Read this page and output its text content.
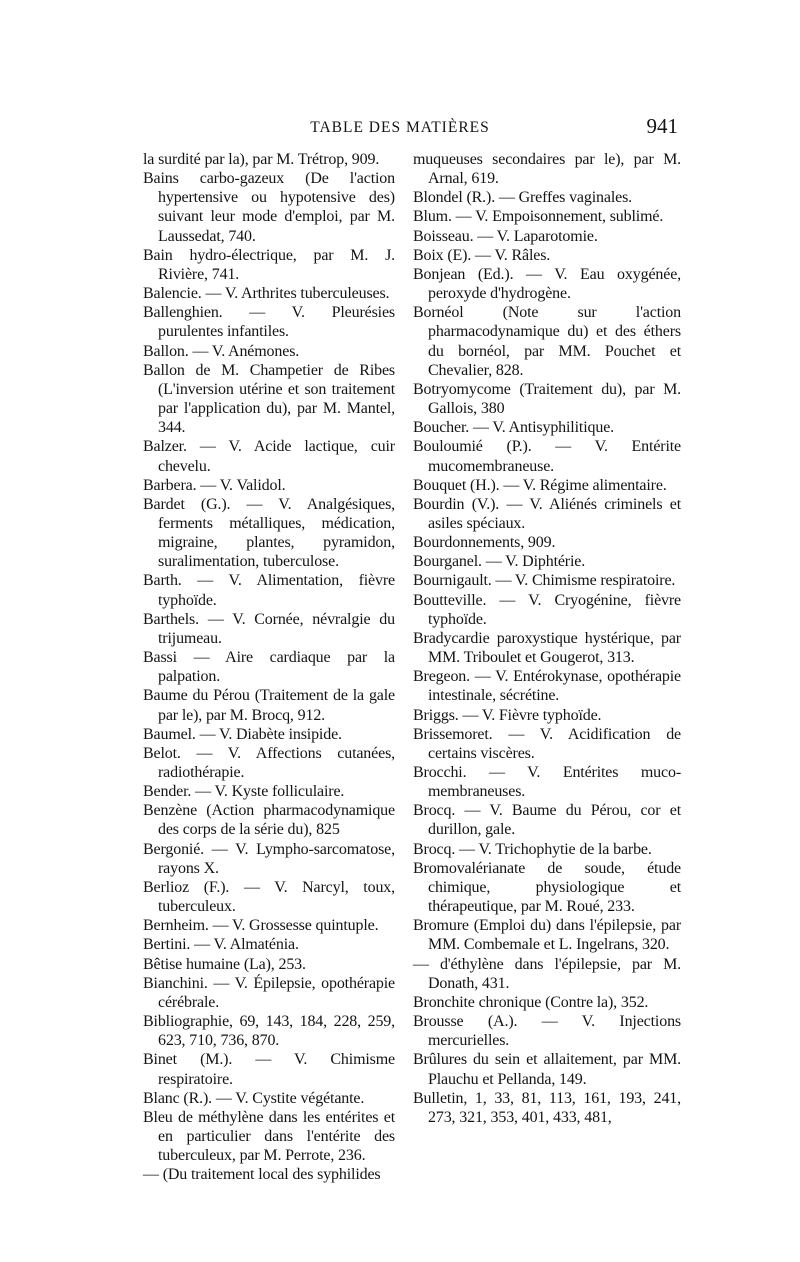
TABLE DES MATIÈRES	941

la surdité par la), par M. Trétrop, 909.

Bains carbo-gazeux (De l'action hypertensive ou hypotensive des) suivant leur mode d'emploi, par M. Laussedat, 740.

Bain hydro-électrique, par M. J. Rivière, 741.

Balencie. — V. Arthrites tuberculeuses.

Ballenghien. — V. Pleurésies purulentes infantiles.

Ballon. — V. Anémones.

Ballon de M. Champetier de Ribes (L'inversion utérine et son traitement par l'application du), par M. Mantel, 344.

Balzer. — V. Acide lactique, cuir chevelu.

Barbera. — V. Validol.

Bardet (G.). — V. Analgésiques, ferments métalliques, médication, migraine, plantes, pyramidon, suralimentation, tuberculose.

Barth. — V. Alimentation, fièvre typhoïde.

Barthels. — V. Cornée, névralgie du trijumeau.

Bassi — Aire cardiaque par la palpation.

Baume du Pérou (Traitement de la gale par le), par M. Brocq, 912.

Baumel. — V. Diabète insipide.

Belot. — V. Affections cutanées, radiothérapie.

Bender. — V. Kyste folliculaire.

Benzène (Action pharmacodynamique des corps de la série du), 825

Bergonié. — V. Lympho-sarcomatose, rayons X.

Berlioz (F.). — V. Narcyl, toux, tuberculeux.

Bernheim. — V. Grossesse quintuple.

Bertini. — V. Almaténia.

Bêtise humaine (La), 253.

Bianchini. — V. Épilepsie, opothérapie cérébrale.

Bibliographie, 69, 143, 184, 228, 259, 623, 710, 736, 870.

Binet (M.). — V. Chimisme respiratoire.

Blanc (R.). — V. Cystite végétante.

Bleu de méthylène dans les entérites et en particulier dans l'entérite des tuberculeux, par M. Perrote, 236.

— (Du traitement local des syphilides

muqueuses secondaires par le), par M. Arnal, 619.

Blondel (R.). — Greffes vaginales.

Blum. — V. Empoisonnement, sublimé.

Boisseau. — V. Laparotomie.

Boix (E). — V. Râles.

Bonjean (Ed.). — V. Eau oxygénée, peroxyde d'hydrogène.

Bornéol (Note sur l'action pharmacodynamique du) et des éthers du bornéol, par MM. Pouchet et Chevalier, 828.

Botryomycome (Traitement du), par M. Gallois, 380

Boucher. — V. Antisyphilitique.

Bouloumié (P.). — V. Entérite mucomembraneuse.

Bouquet (H.). — V. Régime alimentaire.

Bourdin (V.). — V. Aliénés criminels et asiles spéciaux.

Bourdonnements, 909.

Bourganel. — V. Diphtérie.

Bournigault. — V. Chimisme respiratoire.

Boutteville. — V. Cryogénine, fièvre typhoïde.

Bradycardie paroxystique hystérique, par MM. Triboulet et Gougerot, 313.

Bregeon. — V. Entérokynase, opothérapie intestinale, sécrétine.

Briggs. — V. Fièvre typhoïde.

Brissemoret. — V. Acidification de certains viscères.

Brocchi. — V. Entérites muco-membraneuses.

Brocq. — V. Baume du Pérou, cor et durillon, gale.

Brocq. — V. Trichophytie de la barbe.

Bromovalérianate de soude, étude chimique, physiologique et thérapeutique, par M. Roué, 233.

Bromure (Emploi du) dans l'épilepsie, par MM. Combemale et L. Ingelrans, 320.

— d'éthylène dans l'épilepsie, par M. Donath, 431.

Bronchite chronique (Contre la), 352.

Brousse (A.). — V. Injections mercurielles.

Brûlures du sein et allaitement, par MM. Plauchu et Pellanda, 149.

Bulletin, 1, 33, 81, 113, 161, 193, 241, 273, 321, 353, 401, 433, 481,
